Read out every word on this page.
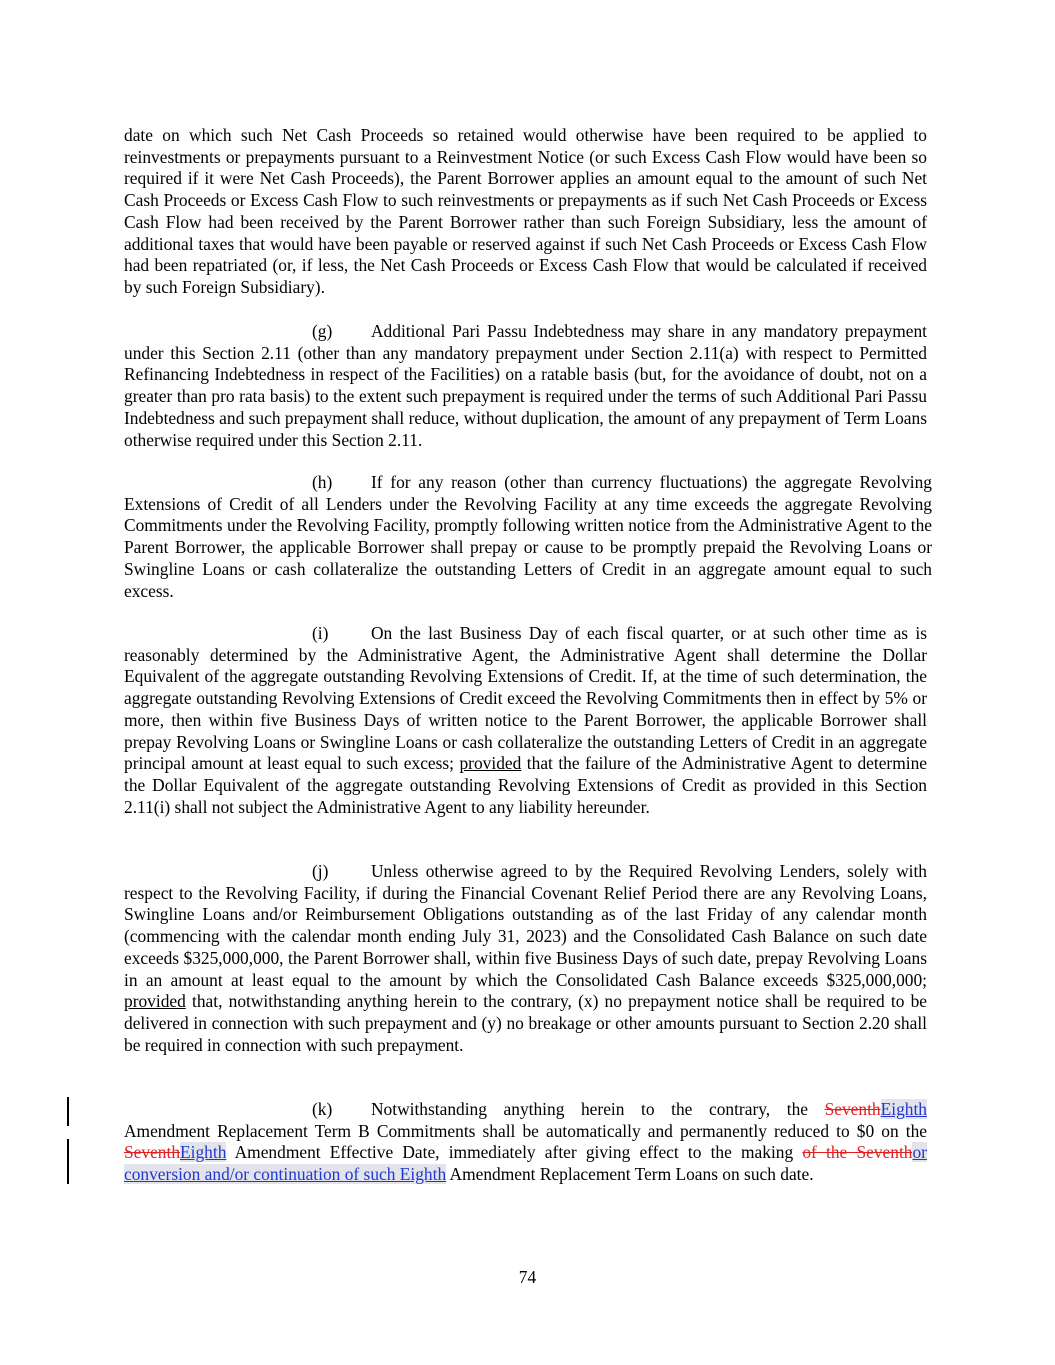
date on which such Net Cash Proceeds so retained would otherwise have been required to be applied to reinvestments or prepayments pursuant to a Reinvestment Notice (or such Excess Cash Flow would have been so required if it were Net Cash Proceeds), the Parent Borrower applies an amount equal to the amount of such Net Cash Proceeds or Excess Cash Flow to such reinvestments or prepayments as if such Net Cash Proceeds or Excess Cash Flow had been received by the Parent Borrower rather than such Foreign Subsidiary, less the amount of additional taxes that would have been payable or reserved against if such Net Cash Proceeds or Excess Cash Flow had been repatriated (or, if less, the Net Cash Proceeds or Excess Cash Flow that would be calculated if received by such Foreign Subsidiary).

(g) Additional Pari Passu Indebtedness may share in any mandatory prepayment under this Section 2.11 (other than any mandatory prepayment under Section 2.11(a) with respect to Permitted Refinancing Indebtedness in respect of the Facilities) on a ratable basis (but, for the avoidance of doubt, not on a greater than pro rata basis) to the extent such prepayment is required under the terms of such Additional Pari Passu Indebtedness and such prepayment shall reduce, without duplication, the amount of any prepayment of Term Loans otherwise required under this Section 2.11.

(h) If for any reason (other than currency fluctuations) the aggregate Revolving Extensions of Credit of all Lenders under the Revolving Facility at any time exceeds the aggregate Revolving Commitments under the Revolving Facility, promptly following written notice from the Administrative Agent to the Parent Borrower, the applicable Borrower shall prepay or cause to be promptly prepaid the Revolving Loans or Swingline Loans or cash collateralize the outstanding Letters of Credit in an aggregate amount equal to such excess.

(i) On the last Business Day of each fiscal quarter, or at such other time as is reasonably determined by the Administrative Agent, the Administrative Agent shall determine the Dollar Equivalent of the aggregate outstanding Revolving Extensions of Credit. If, at the time of such determination, the aggregate outstanding Revolving Extensions of Credit exceed the Revolving Commitments then in effect by 5% or more, then within five Business Days of written notice to the Parent Borrower, the applicable Borrower shall prepay Revolving Loans or Swingline Loans or cash collateralize the outstanding Letters of Credit in an aggregate principal amount at least equal to such excess; provided that the failure of the Administrative Agent to determine the Dollar Equivalent of the aggregate outstanding Revolving Extensions of Credit as provided in this Section 2.11(i) shall not subject the Administrative Agent to any liability hereunder.

(j) Unless otherwise agreed to by the Required Revolving Lenders, solely with respect to the Revolving Facility, if during the Financial Covenant Relief Period there are any Revolving Loans, Swingline Loans and/or Reimbursement Obligations outstanding as of the last Friday of any calendar month (commencing with the calendar month ending July 31, 2023) and the Consolidated Cash Balance on such date exceeds $325,000,000, the Parent Borrower shall, within five Business Days of such date, prepay Revolving Loans in an amount at least equal to the amount by which the Consolidated Cash Balance exceeds $325,000,000; provided that, notwithstanding anything herein to the contrary, (x) no prepayment notice shall be required to be delivered in connection with such prepayment and (y) no breakage or other amounts pursuant to Section 2.20 shall be required in connection with such prepayment.

(k) Notwithstanding anything herein to the contrary, the SeventhEighth Amendment Replacement Term B Commitments shall be automatically and permanently reduced to $0 on the SeventhEighth Amendment Effective Date, immediately after giving effect to the making of the Seventhor conversion and/or continuation of such Eighth Amendment Replacement Term Loans on such date.

74
